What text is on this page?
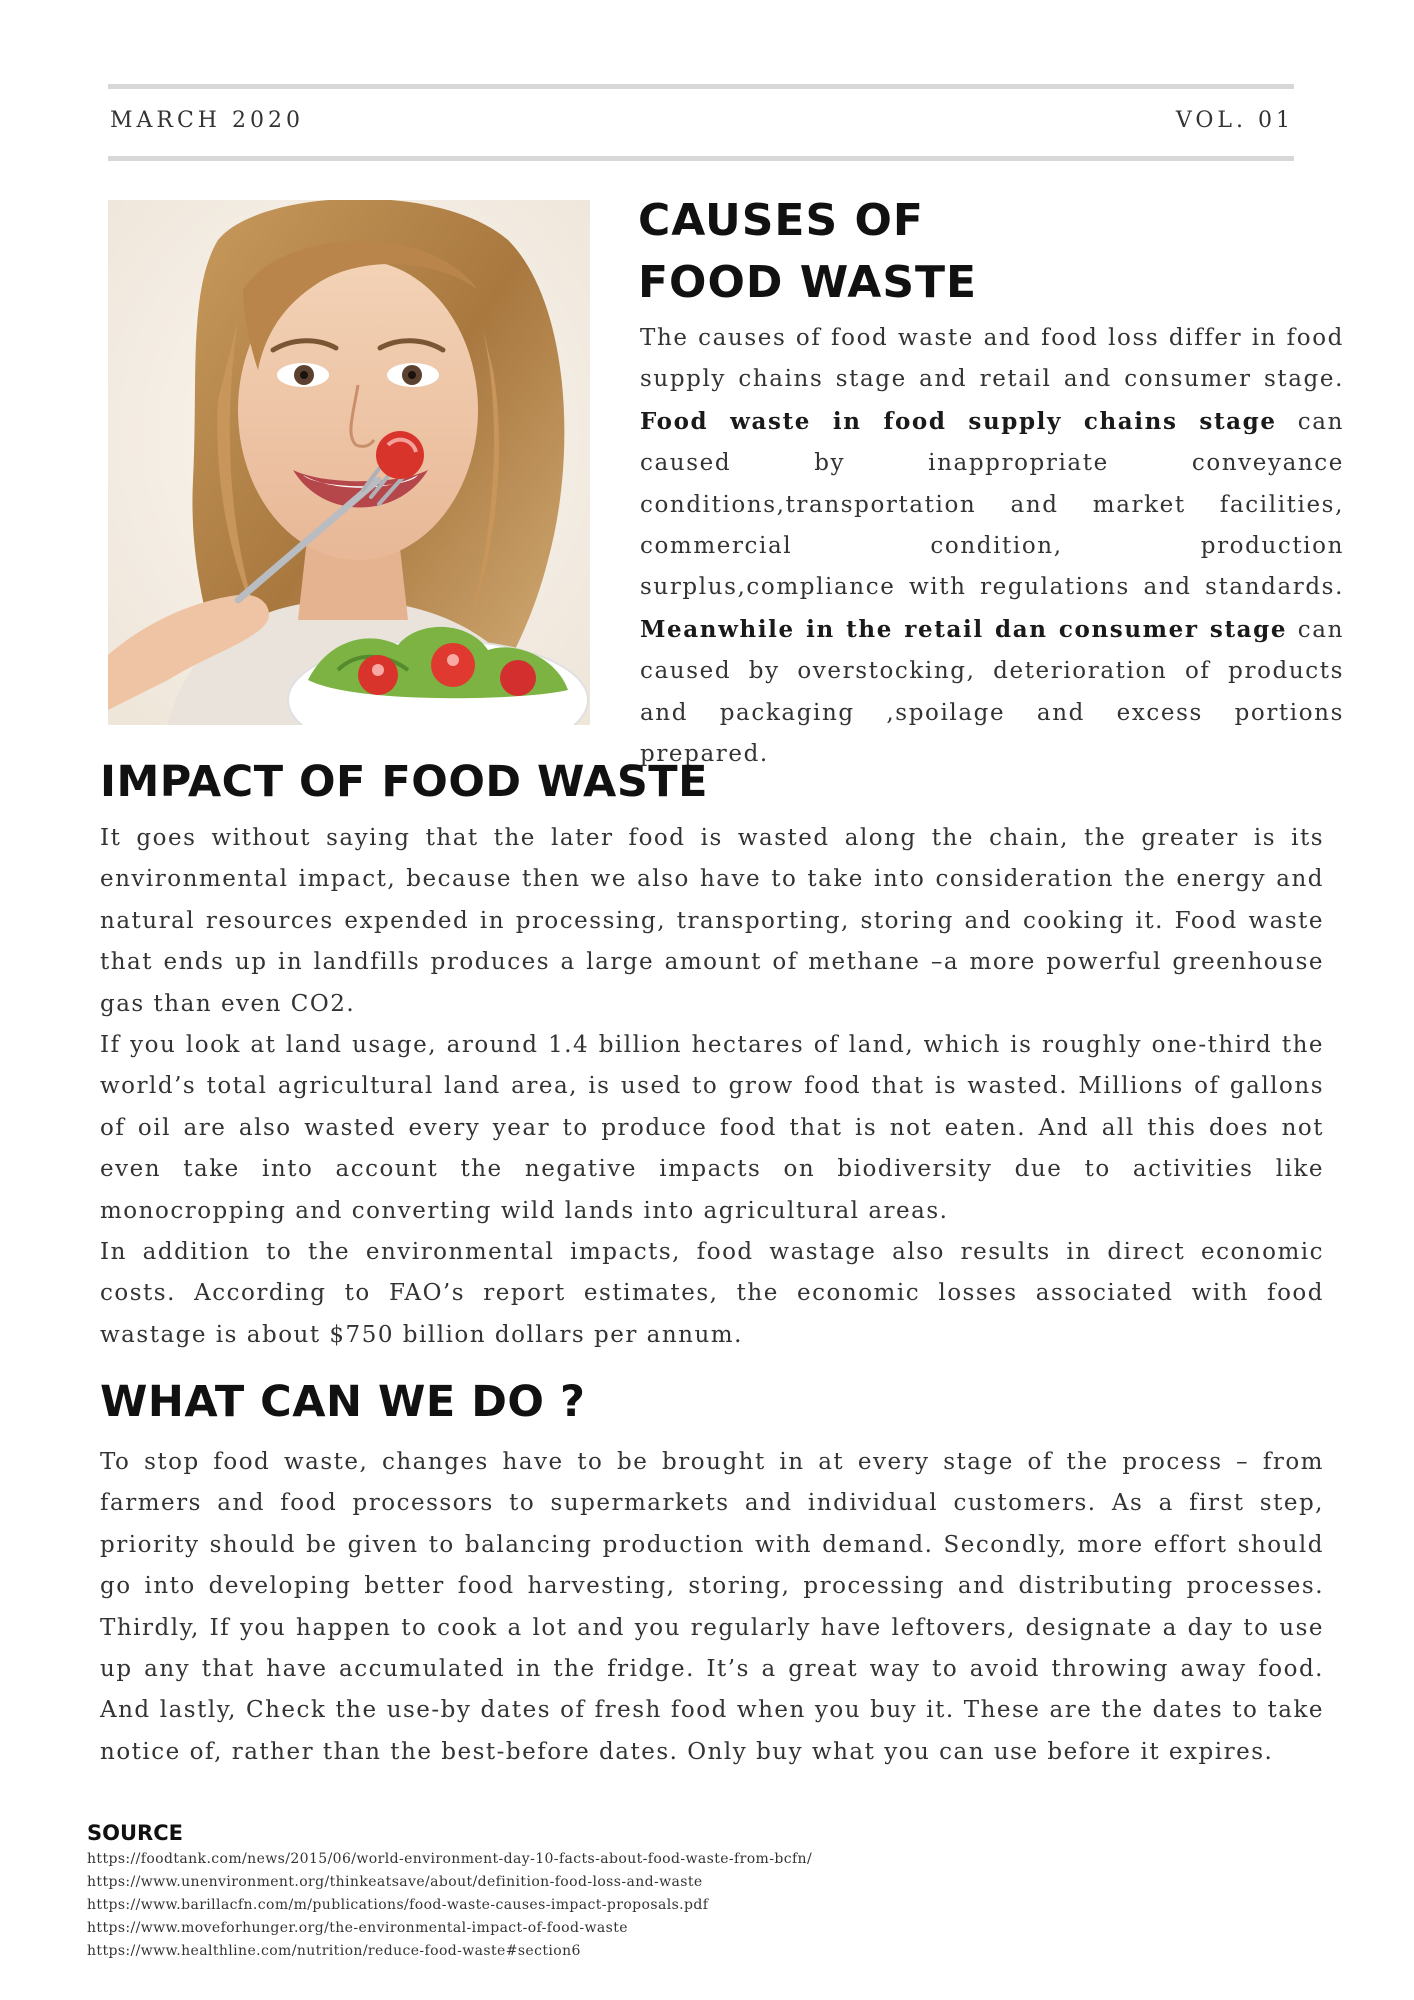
MARCH 2020	VOL. 01
CAUSES OF
FOOD WASTE
The causes of food waste and food loss differ in food supply chains stage and retail and consumer stage. Food waste in food supply chains stage can caused by inappropriate conveyance conditions,transportation and market facilities, commercial condition, production surplus,compliance with regulations and standards. Meanwhile in the retail dan consumer stage can caused by overstocking, deterioration of products and packaging ,spoilage and excess portions prepared.
IMPACT OF FOOD WASTE

It goes without saying that the later food is wasted along the chain, the greater is its environmental impact, because then we also have to take into consideration the energy and natural resources expended in processing, transporting, storing and cooking it. Food waste that ends up in landfills produces a large amount of methane –a more powerful greenhouse gas than even CO2.

If you look at land usage, around 1.4 billion hectares of land, which is roughly one-third the world’s total agricultural land area, is used to grow food that is wasted. Millions of gallons of oil are also wasted every year to produce food that is not eaten. And all this does not even take into account the negative impacts on biodiversity due to activities like monocropping and converting wild lands into agricultural areas.

In addition to the environmental impacts, food wastage also results in direct economic costs. According to FAO’s report estimates, the economic losses associated with food wastage is about $750 billion dollars per annum.

WHAT CAN WE DO ?

To stop food waste, changes have to be brought in at every stage of the process – from farmers and food processors to supermarkets and individual customers. As a first step, priority should be given to balancing production with demand. Secondly, more effort should go into developing better food harvesting, storing, processing and distributing processes. Thirdly, If you happen to cook a lot and you regularly have leftovers, designate a day to use up any that have accumulated in the fridge. It’s a great way to avoid throwing away food. And lastly, Check the use-by dates of fresh food when you buy it. These are the dates to take notice of, rather than the best-before dates. Only buy what you can use before it expires.

SOURCE
https://foodtank.com/news/2015/06/world-environment-day-10-facts-about-food-waste-from-bcfn/
https://www.unenvironment.org/thinkeatsave/about/definition-food-loss-and-waste
https://www.barillacfn.com/m/publications/food-waste-causes-impact-proposals.pdf
https://www.moveforhunger.org/the-environmental-impact-of-food-waste
https://www.healthline.com/nutrition/reduce-food-waste#section6
